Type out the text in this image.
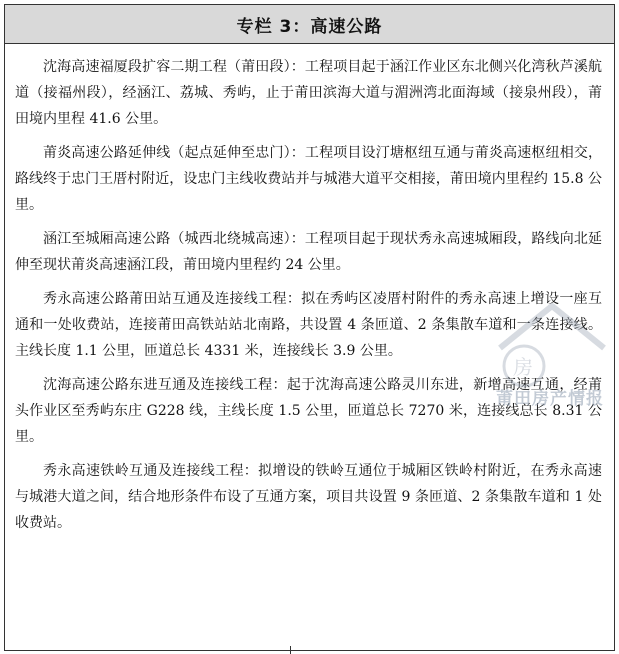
专栏 3：高速公路

沈海高速福厦段扩容二期工程（莆田段）：工程项目起于涵江作业区东北侧兴化湾秋芦溪航道（接福州段），经涵江、荔城、秀屿，止于莆田滨海大道与湄洲湾北面海域（接泉州段），莆田境内里程 41.6 公里。

莆炎高速公路延伸线（起点延伸至忠门）：工程项目设汀塘枢纽互通与莆炎高速枢纽相交，路线终于忠门王厝村附近，设忠门主线收费站并与城港大道平交相接，莆田境内里程约 15.8 公里。

涵江至城厢高速公路（城西北绕城高速）：工程项目起于现状秀永高速城厢段，路线向北延伸至现状莆炎高速涵江段，莆田境内里程约 24 公里。

秀永高速公路莆田站互通及连接线工程：拟在秀屿区凌厝村附件的秀永高速上增设一座互通和一处收费站，连接莆田高铁站站北南路，共设置 4 条匝道、2 条集散车道和一条连接线。主线长度 1.1 公里，匝道总长 4331 米，连接线长 3.9 公里。

沈海高速公路东进互通及连接线工程：起于沈海高速公路灵川东进，新增高速互通，经莆头作业区至秀屿东庄 G228 线，主线长度 1.5 公里，匝道总长 7270 米，连接线总长 8.31 公里。

秀永高速铁岭互通及连接线工程：拟增设的铁岭互通位于城厢区铁岭村附近，在秀永高速与城港大道之间，结合地形条件布设了互通方案，项目共设置 9 条匝道、2 条集散车道和 1 处收费站。

房
莆田房产情报
